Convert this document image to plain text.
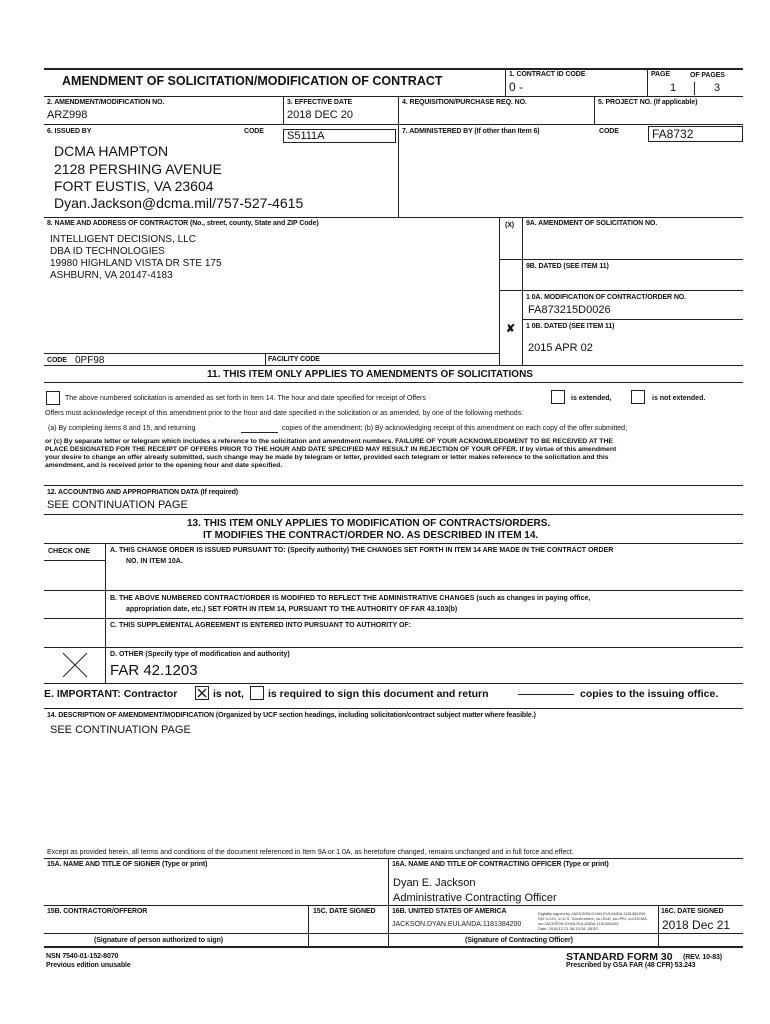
AMENDMENT OF SOLICITATION/MODIFICATION OF CONTRACT	1. CONTRACT ID CODE
0 -
PAGE	OF PAGES
1	3
2. AMENDMENT/MODIFICATION NO.
ARZ998
3. EFFECTIVE DATE
2018 DEC 20
4. REQUISITION/PURCHASE REQ. NO.	5. PROJECT NO. (If applicable)
6. ISSUED BY	CODE	S5111A	7. ADMINISTERED BY (If other than Item 6)	CODE	FA8732
DCMA HAMPTON
2128 PERSHING AVENUE
FORT EUSTIS, VA 23604
Dyan.Jackson@dcma.mil/757-527-4615
8. NAME AND ADDRESS OF CONTRACTOR (No., street, county, State and ZIP Code)	(X) 9A. AMENDMENT OF SOLICITATION NO.
INTELLIGENT DECISIONS, LLC
DBA ID TECHNOLOGIES
19980 HIGHLAND VISTA DR STE 175
ASHBURN, VA 20147-4183
9B. DATED (SEE ITEM 11)
1 0A. MODIFICATION OF CONTRACT/ORDER NO.
FA873215D0026
1 0B. DATED (SEE ITEM 11)
✘
2015 APR 02
CODE 0PF98	FACILITY CODE
11. THIS ITEM ONLY APPLIES TO AMENDMENTS OF SOLICITATIONS
The above numbered solicitation is amended as set forth in Item 14. The hour and date specified for receipt of Offers	is extended,	is not extended.
Offers must acknowledge receipt of this amendment prior to the hour and date specified in the solicitation or as amended, by one of the following methods:
(a) By completing items 8 and 15, and returning	copies of the amendment; (b) By acknowledging receipt of this amendment on each copy of the offer submitted;
or (c) By separate letter or telegram which includes a reference to the solicitation and amendment numbers. FAILURE OF YOUR ACKNOWLEDGMENT TO BE RECEIVED AT THE
PLACE DESIGNATED FOR THE RECEIPT OF OFFERS PRIOR TO THE HOUR AND DATE SPECIFIED MAY RESULT IN REJECTION OF YOUR OFFER. If by virtue of this amendment
your desire to change an offer already submitted, such change may be made by telegram or letter, provided each telegram or letter makes reference to the solicitation and this
amendment, and is received prior to the opening hour and date specified.
12. ACCOUNTING AND APPROPRIATION DATA (If required)
SEE CONTINUATION PAGE
13. THIS ITEM ONLY APPLIES TO MODIFICATION OF CONTRACTS/ORDERS.
IT MODIFIES THE CONTRACT/ORDER NO. AS DESCRIBED IN ITEM 14.
CHECK ONE	A. THIS CHANGE ORDER IS ISSUED PURSUANT TO: (Specify authority) THE CHANGES SET FORTH IN ITEM 14 ARE MADE IN THE CONTRACT ORDER
NO. IN ITEM 10A.
B. THE ABOVE NUMBERED CONTRACT/ORDER IS MODIFIED TO REFLECT THE ADMINISTRATIVE CHANGES (such as changes in paying office,
appropriation date, etc.) SET FORTH IN ITEM 14, PURSUANT TO THE AUTHORITY OF FAR 43.103(b)
C. THIS SUPPLEMENTAL AGREEMENT IS ENTERED INTO PURSUANT TO AUTHORITY OF:
D. OTHER (Specify type of modification and authority)
FAR 42.1203
E. IMPORTANT: Contractor	is not, is required to sign this document and return	copies to the issuing office.
14. DESCRIPTION OF AMENDMENT/MODIFICATION (Organized by UCF section headings, including solicitation/contract subject matter where feasible.)
SEE CONTINUATION PAGE
Except as provided herein, all terms and conditions of the document referenced in Item 9A or 1 0A, as heretofore changed, remains unchanged and in full force and effect.
15A. NAME AND TITLE OF SIGNER (Type or print)	16A. NAME AND TITLE OF CONTRACTING OFFICER (Type or print)
Dyan E. Jackson
Administrative Contracting Officer
15B. CONTRACTOR/OFFEROR	15C. DATE SIGNED 16B. UNITED STATES OF AMERICA
JACKSON.DYAN.EULANDA.1181384200
Digitally signed by JACKSON.DYAN.EULANDA.1181384200
DN: c=US, o=U.S. Government, ou=DoD, ou=PKI, ou=DCMA,
cn=JACKSON.DYAN.EULANDA.1181384200
Date: 2018.12.21 08:13:28 -05'00'
16C. DATE SIGNED
2018 Dec 21
(Signature of person authorized to sign)	(Signature of Contracting Officer)
NSN 7540-01-152-8070
Previous edition unusable
STANDARD FORM 30 (REV. 10-83)
Prescribed by GSA FAR (48 CFR) 53.243
